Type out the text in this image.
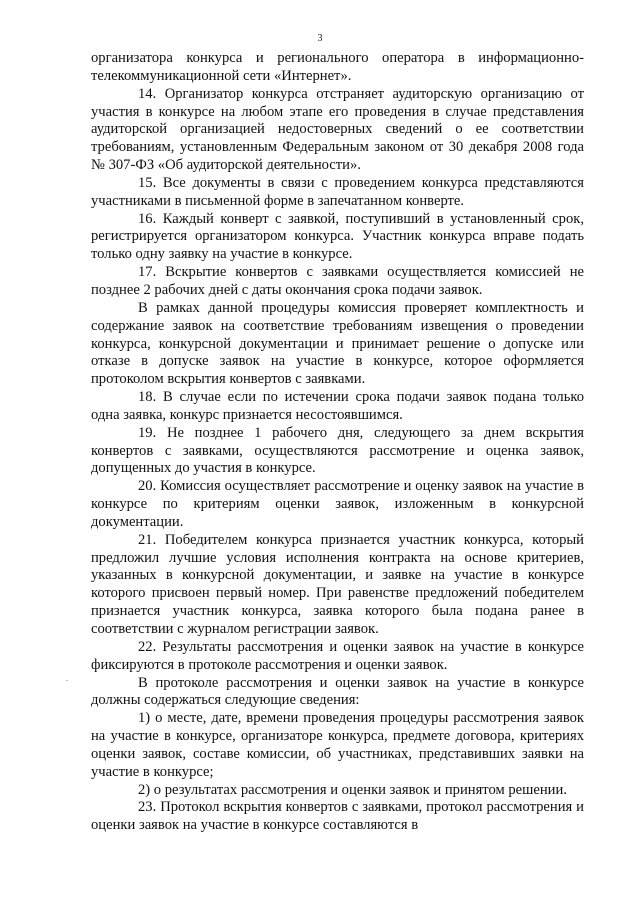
3

организатора конкурса и регионального оператора в информационно-телекоммуникационной сети «Интернет».

14. Организатор конкурса отстраняет аудиторскую организацию от участия в конкурсе на любом этапе его проведения в случае представления аудиторской организацией недостоверных сведений о ее соответствии требованиям, установленным Федеральным законом от 30 декабря 2008 года № 307-ФЗ «Об аудиторской деятельности».

15. Все документы в связи с проведением конкурса представляются участниками в письменной форме в запечатанном конверте.

16. Каждый конверт с заявкой, поступивший в установленный срок, регистрируется организатором конкурса. Участник конкурса вправе подать только одну заявку на участие в конкурсе.

17. Вскрытие конвертов с заявками осуществляется комиссией не позднее 2 рабочих дней с даты окончания срока подачи заявок.

В рамках данной процедуры комиссия проверяет комплектность и содержание заявок на соответствие требованиям извещения о проведении конкурса, конкурсной документации и принимает решение о допуске или отказе в допуске заявок на участие в конкурсе, которое оформляется протоколом вскрытия конвертов с заявками.

18. В случае если по истечении срока подачи заявок подана только одна заявка, конкурс признается несостоявшимся.

19. Не позднее 1 рабочего дня, следующего за днем вскрытия конвертов с заявками, осуществляются рассмотрение и оценка заявок, допущенных до участия в конкурсе.

20. Комиссия осуществляет рассмотрение и оценку заявок на участие в конкурсе по критериям оценки заявок, изложенным в конкурсной документации.

21. Победителем конкурса признается участник конкурса, который предложил лучшие условия исполнения контракта на основе критериев, указанных в конкурсной документации, и заявке на участие в конкурсе которого присвоен первый номер. При равенстве предложений победителем признается участник конкурса, заявка которого была подана ранее в соответствии с журналом регистрации заявок.

22. Результаты рассмотрения и оценки заявок на участие в конкурсе фиксируются в протоколе рассмотрения и оценки заявок.

В протоколе рассмотрения и оценки заявок на участие в конкурсе должны содержаться следующие сведения:

1) о месте, дате, времени проведения процедуры рассмотрения заявок на участие в конкурсе, организаторе конкурса, предмете договора, критериях оценки заявок, составе комиссии, об участниках, представивших заявки на участие в конкурсе;

2) о результатах рассмотрения и оценки заявок и принятом решении.

23. Протокол вскрытия конвертов с заявками, протокол рассмотрения и оценки заявок на участие в конкурсе составляются в
